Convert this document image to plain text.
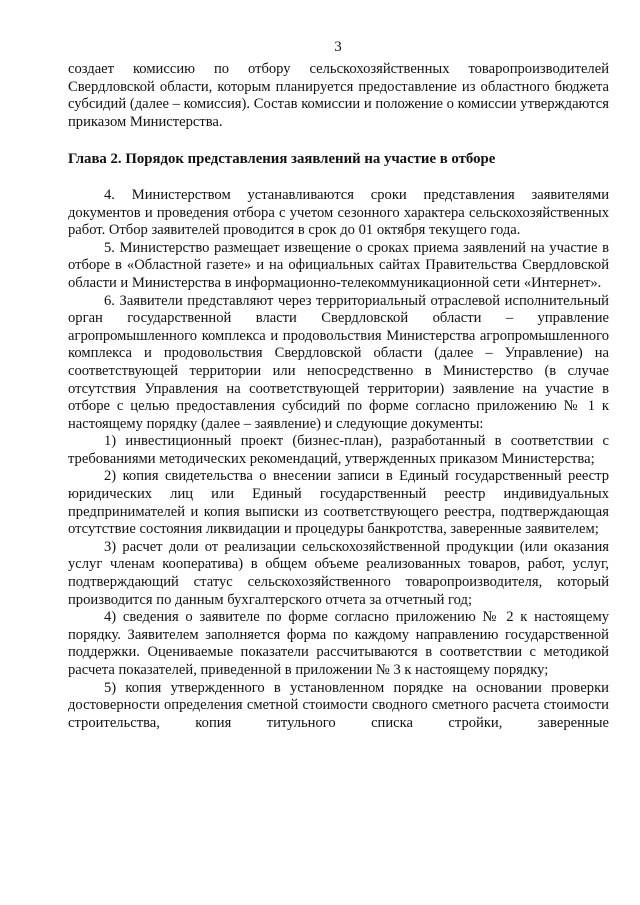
3

создает комиссию по отбору сельскохозяйственных товаропроизводителей Свердловской области, которым планируется предоставление из областного бюджета субсидий (далее – комиссия). Состав комиссии и положение о комиссии утверждаются приказом Министерства.

Глава 2. Порядок представления заявлений на участие в отборе

4. Министерством устанавливаются сроки представления заявителями документов и проведения отбора с учетом сезонного характера сельскохозяйственных работ. Отбор заявителей проводится в срок до 01 октября текущего года.

5. Министерство размещает извещение о сроках приема заявлений на участие в отборе в «Областной газете» и на официальных сайтах Правительства Свердловской области и Министерства в информационно-телекоммуникационной сети «Интернет».

6. Заявители представляют через территориальный отраслевой исполнительный орган государственной власти Свердловской области – управление агропромышленного комплекса и продовольствия Министерства агропромышленного комплекса и продовольствия Свердловской области (далее – Управление) на соответствующей территории или непосредственно в Министерство (в случае отсутствия Управления на соответствующей территории) заявление на участие в отборе с целью предоставления субсидий по форме согласно приложению № 1 к настоящему порядку (далее – заявление) и следующие документы:

1) инвестиционный проект (бизнес-план), разработанный в соответствии с требованиями методических рекомендаций, утвержденных приказом Министерства;

2) копия свидетельства о внесении записи в Единый государственный реестр юридических лиц или Единый государственный реестр индивидуальных предпринимателей и копия выписки из соответствующего реестра, подтверждающая отсутствие состояния ликвидации и процедуры банкротства, заверенные заявителем;

3) расчет доли от реализации сельскохозяйственной продукции (или оказания услуг членам кооператива) в общем объеме реализованных товаров, работ, услуг, подтверждающий статус сельскохозяйственного товаропроизводителя, который производится по данным бухгалтерского отчета за отчетный год;

4) сведения о заявителе по форме согласно приложению № 2 к настоящему порядку. Заявителем заполняется форма по каждому направлению государственной поддержки. Оцениваемые показатели рассчитываются в соответствии с методикой расчета показателей, приведенной в приложении № 3 к настоящему порядку;

5) копия утвержденного в установленном порядке на основании проверки достоверности определения сметной стоимости сводного сметного расчета стоимости строительства, копия титульного списка стройки, заверенные
